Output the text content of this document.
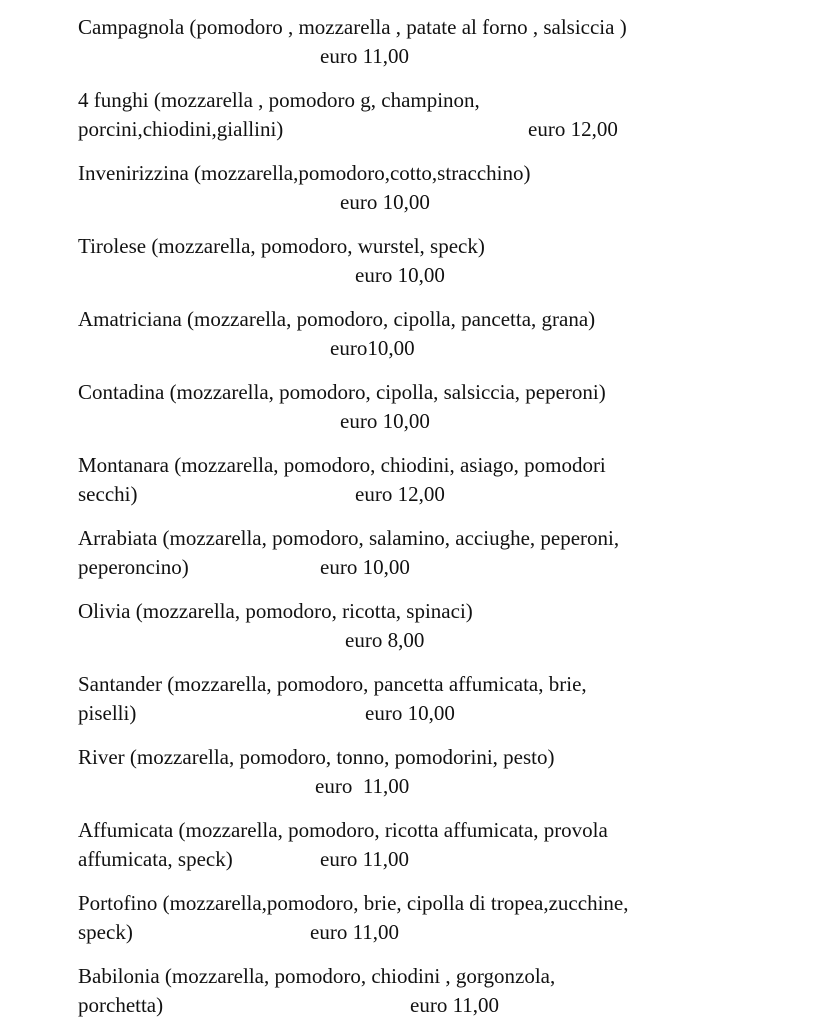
Campagnola (pomodoro , mozzarella , patate al forno , salsiccia )
euro 11,00
4 funghi (mozzarella , pomodoro g, champinon,
porcini,chiodini,giallini)	euro 12,00
Invenirizzina (mozzarella,pomodoro,cotto,stracchino)
euro 10,00
Tirolese (mozzarella, pomodoro, wurstel, speck)
euro 10,00
Amatriciana (mozzarella, pomodoro, cipolla, pancetta, grana)
euro10,00
Contadina (mozzarella, pomodoro, cipolla, salsiccia, peperoni)
euro 10,00
Montanara (mozzarella, pomodoro, chiodini, asiago, pomodori
secchi)	euro 12,00
Arrabiata (mozzarella, pomodoro, salamino, acciughe, peperoni,
peperoncino)	euro 10,00
Olivia (mozzarella, pomodoro, ricotta, spinaci)
euro 8,00
Santander (mozzarella, pomodoro, pancetta affumicata, brie,
piselli)	euro 10,00
River (mozzarella, pomodoro, tonno, pomodorini, pesto)
euro  11,00
Affumicata (mozzarella, pomodoro, ricotta affumicata, provola
affumicata, speck)	euro 11,00
Portofino (mozzarella,pomodoro, brie, cipolla di tropea,zucchine,
speck)	euro 11,00
Babilonia (mozzarella, pomodoro, chiodini , gorgonzola,
porchetta)	euro 11,00
